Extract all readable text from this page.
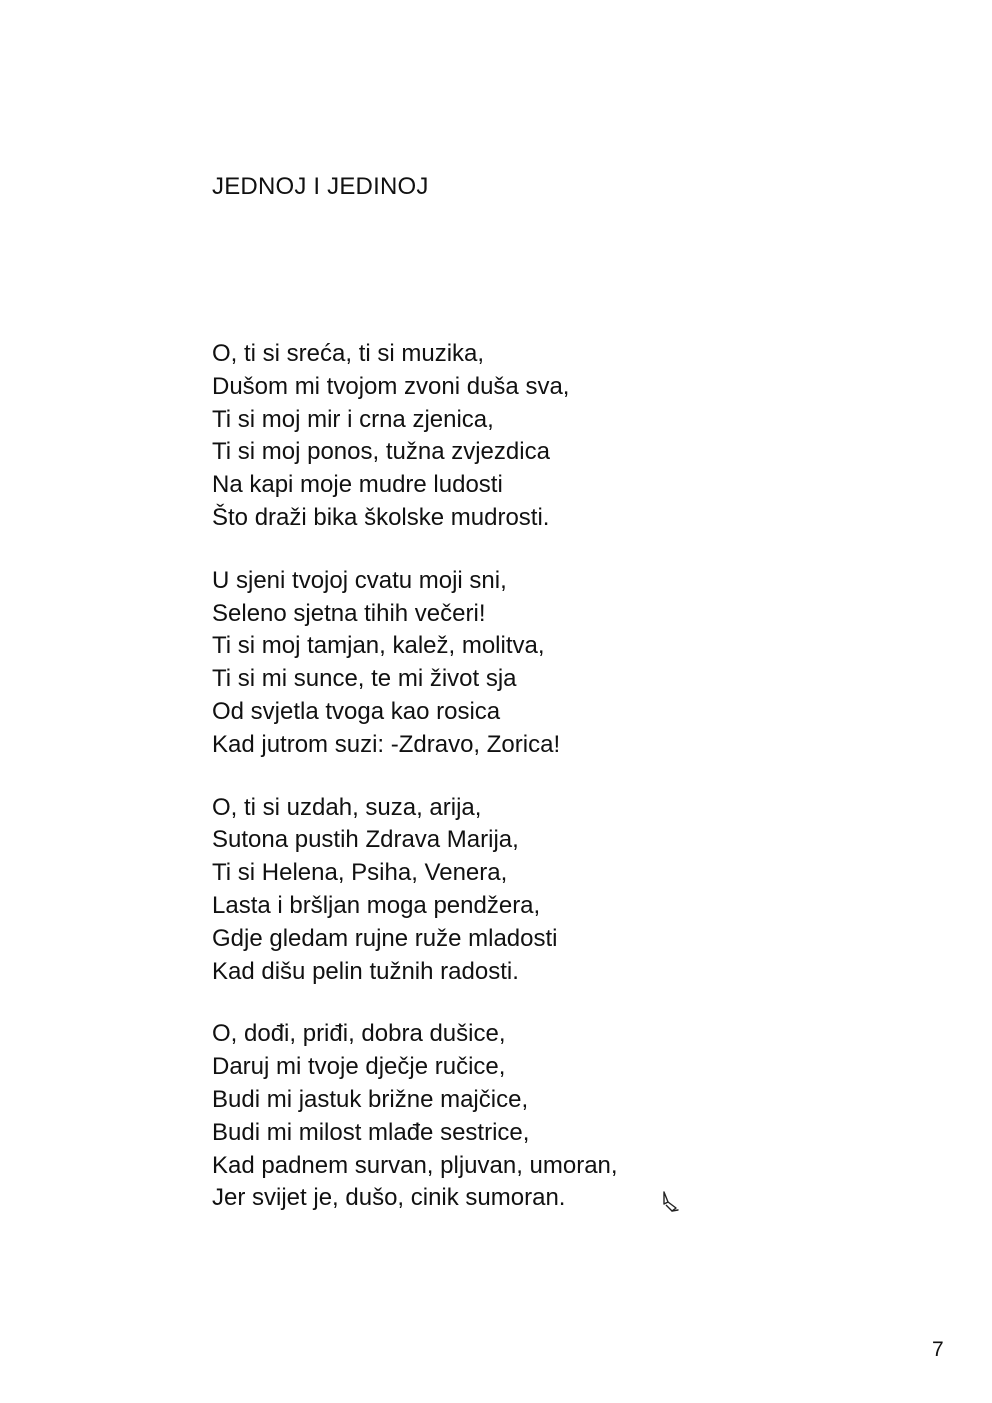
JEDNOJ I JEDINOJ
O, ti si sreća, ti si muzika,
Dušom mi tvojom zvoni duša sva,
Ti si moj mir i crna zjenica,
Ti si moj ponos, tužna zvjezdica
Na kapi moje mudre ludosti
Što draži bika školske mudrosti.
U sjeni tvojoj cvatu moji sni,
Seleno sjetna tihih večeri!
Ti si moj tamjan, kalež, molitva,
Ti si mi sunce, te mi život sja
Od svjetla tvoga kao rosica
Kad jutrom suzi: -Zdravo, Zorica!
O, ti si uzdah, suza, arija,
Sutona pustih Zdrava Marija,
Ti si Helena, Psiha, Venera,
Lasta i bršljan moga pendžera,
Gdje gledam rujne ruže mladosti
Kad dišu pelin tužnih radosti.
O, dođi, priđi, dobra dušice,
Daruj mi tvoje dječje ručice,
Budi mi jastuk brižne majčice,
Budi mi milost mlađe sestrice,
Kad padnem survan, pljuvan, umoran,
Jer svijet je, dušo, cinik sumoran.
7
